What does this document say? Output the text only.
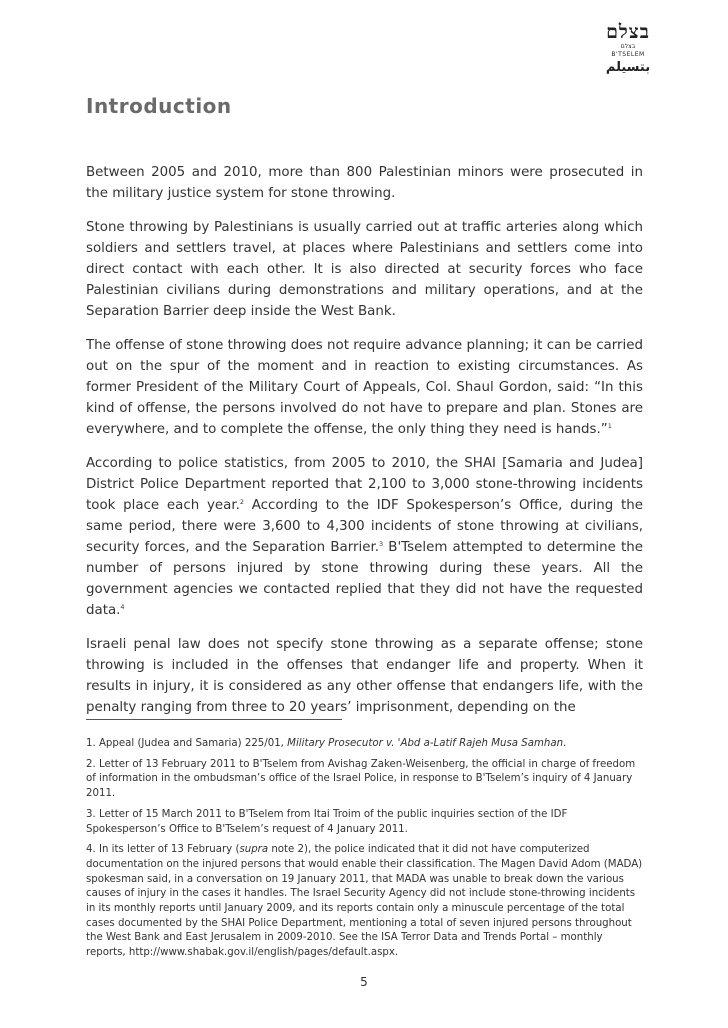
בצלם
בצלם
B'TSELEM
بتسيلم
Introduction

Between 2005 and 2010, more than 800 Palestinian minors were prosecuted in the military justice system for stone throwing.

Stone throwing by Palestinians is usually carried out at traffic arteries along which soldiers and settlers travel, at places where Palestinians and settlers come into direct contact with each other. It is also directed at security forces who face Palestinian civilians during demonstrations and military operations, and at the Separation Barrier deep inside the West Bank.

The offense of stone throwing does not require advance planning; it can be carried out on the spur of the moment and in reaction to existing circumstances. As former President of the Military Court of Appeals, Col. Shaul Gordon, said: “In this kind of offense, the persons involved do not have to prepare and plan. Stones are everywhere, and to complete the offense, the only thing they need is hands.”$^1$

According to police statistics, from 2005 to 2010, the SHAI [Samaria and Judea] District Police Department reported that 2,100 to 3,000 stone-throwing incidents took place each year.$^2$ According to the IDF Spokesperson’s Office, during the same period, there were 3,600 to 4,300 incidents of stone throwing at civilians, security forces, and the Separation Barrier.$^3$ B'Tselem attempted to determine the number of persons injured by stone throwing during these years. All the government agencies we contacted replied that they did not have the requested data.$^4$

Israeli penal law does not specify stone throwing as a separate offense; stone throwing is included in the offenses that endanger life and property. When it results in injury, it is considered as any other offense that endangers life, with the penalty ranging from three to 20 years’ imprisonment, depending on the

1. Appeal (Judea and Samaria) 225/01, Military Prosecutor v. 'Abd a-Latif Rajeh Musa Samhan.

2. Letter of 13 February 2011 to B'Tselem from Avishag Zaken-Weisenberg, the official in charge of freedom of information in the ombudsman’s office of the Israel Police, in response to B'Tselem’s inquiry of 4 January 2011.

3. Letter of 15 March 2011 to B'Tselem from Itai Troim of the public inquiries section of the IDF Spokesperson’s Office to B'Tselem’s request of 4 January 2011.

4. In its letter of 13 February (supra note 2), the police indicated that it did not have computerized documentation on the injured persons that would enable their classification. The Magen David Adom (MADA) spokesman said, in a conversation on 19 January 2011, that MADA was unable to break down the various causes of injury in the cases it handles. The Israel Security Agency did not include stone-throwing incidents in its monthly reports until January 2009, and its reports contain only a minuscule percentage of the total cases documented by the SHAI Police Department, mentioning a total of seven injured persons throughout the West Bank and East Jerusalem in 2009-2010. See the ISA Terror Data and Trends Portal – monthly reports, http://www.shabak.gov.il/english/pages/default.aspx.

5
